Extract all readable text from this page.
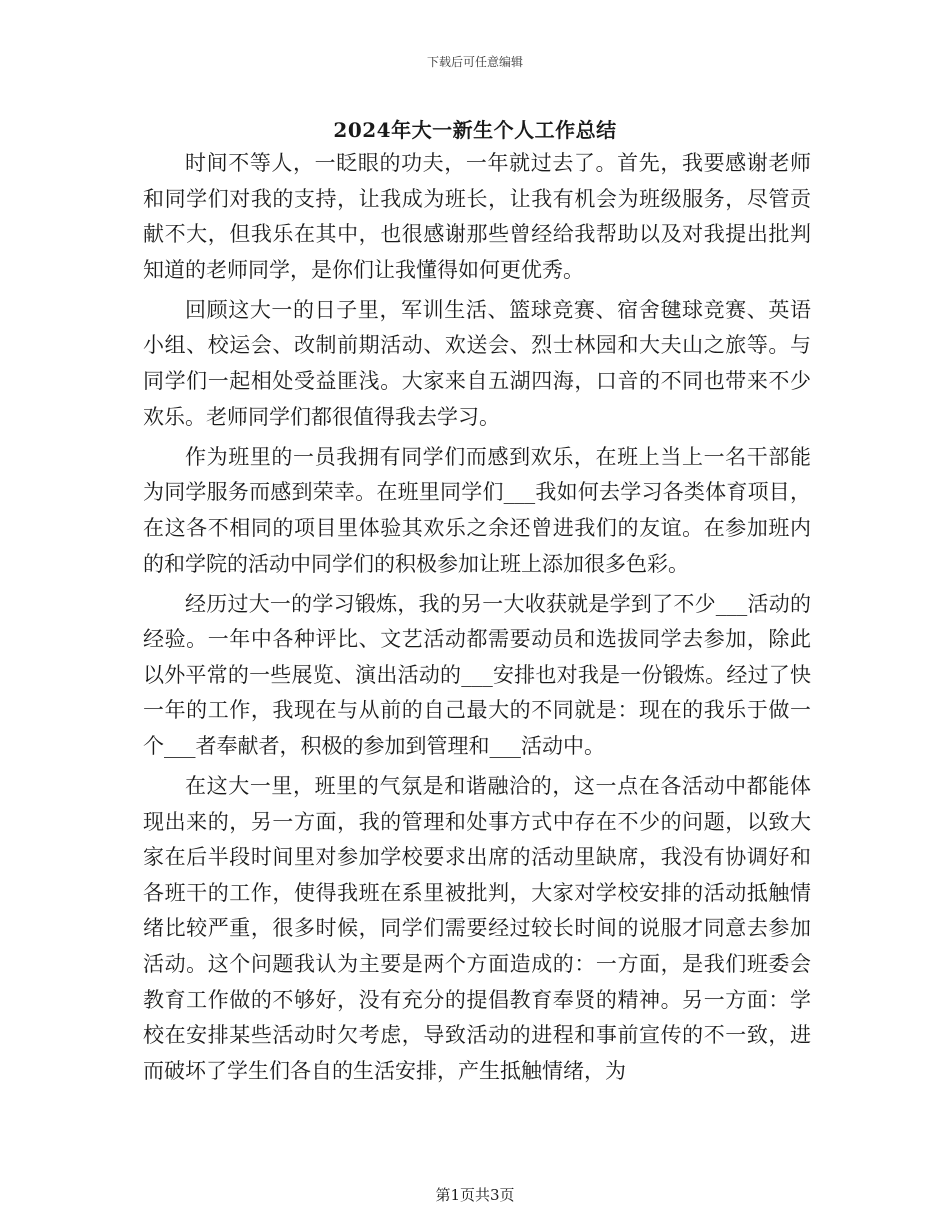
下载后可任意编辑
2024年大一新生个人工作总结

时间不等人，一眨眼的功夫，一年就过去了。首先，我要感谢老师和同学们对我的支持，让我成为班长，让我有机会为班级服务，尽管贡献不大，但我乐在其中，也很感谢那些曾经给我帮助以及对我提出批判知道的老师同学，是你们让我懂得如何更优秀。

回顾这大一的日子里，军训生活、篮球竞赛、宿舍毽球竞赛、英语小组、校运会、改制前期活动、欢送会、烈士林园和大夫山之旅等。与同学们一起相处受益匪浅。大家来自五湖四海，口音的不同也带来不少欢乐。老师同学们都很值得我去学习。

作为班里的一员我拥有同学们而感到欢乐，在班上当上一名干部能为同学服务而感到荣幸。在班里同学们___我如何去学习各类体育项目，在这各不相同的项目里体验其欢乐之余还曾进我们的友谊。在参加班内的和学院的活动中同学们的积极参加让班上添加很多色彩。

经历过大一的学习锻炼，我的另一大收获就是学到了不少___活动的经验。一年中各种评比、文艺活动都需要动员和选拔同学去参加，除此以外平常的一些展览、演出活动的___安排也对我是一份锻炼。经过了快一年的工作，我现在与从前的自己最大的不同就是：现在的我乐于做一个___者奉献者，积极的参加到管理和___活动中。

在这大一里，班里的气氛是和谐融洽的，这一点在各活动中都能体现出来的，另一方面，我的管理和处事方式中存在不少的问题，以致大家在后半段时间里对参加学校要求出席的活动里缺席，我没有协调好和各班干的工作，使得我班在系里被批判，大家对学校安排的活动抵触情绪比较严重，很多时候，同学们需要经过较长时间的说服才同意去参加活动。这个问题我认为主要是两个方面造成的：一方面，是我们班委会教育工作做的不够好，没有充分的提倡教育奉贤的精神。另一方面：学校在安排某些活动时欠考虑，导致活动的进程和事前宣传的不一致，进而破坏了学生们各自的生活安排，产生抵触情绪，为

第1页共3页
